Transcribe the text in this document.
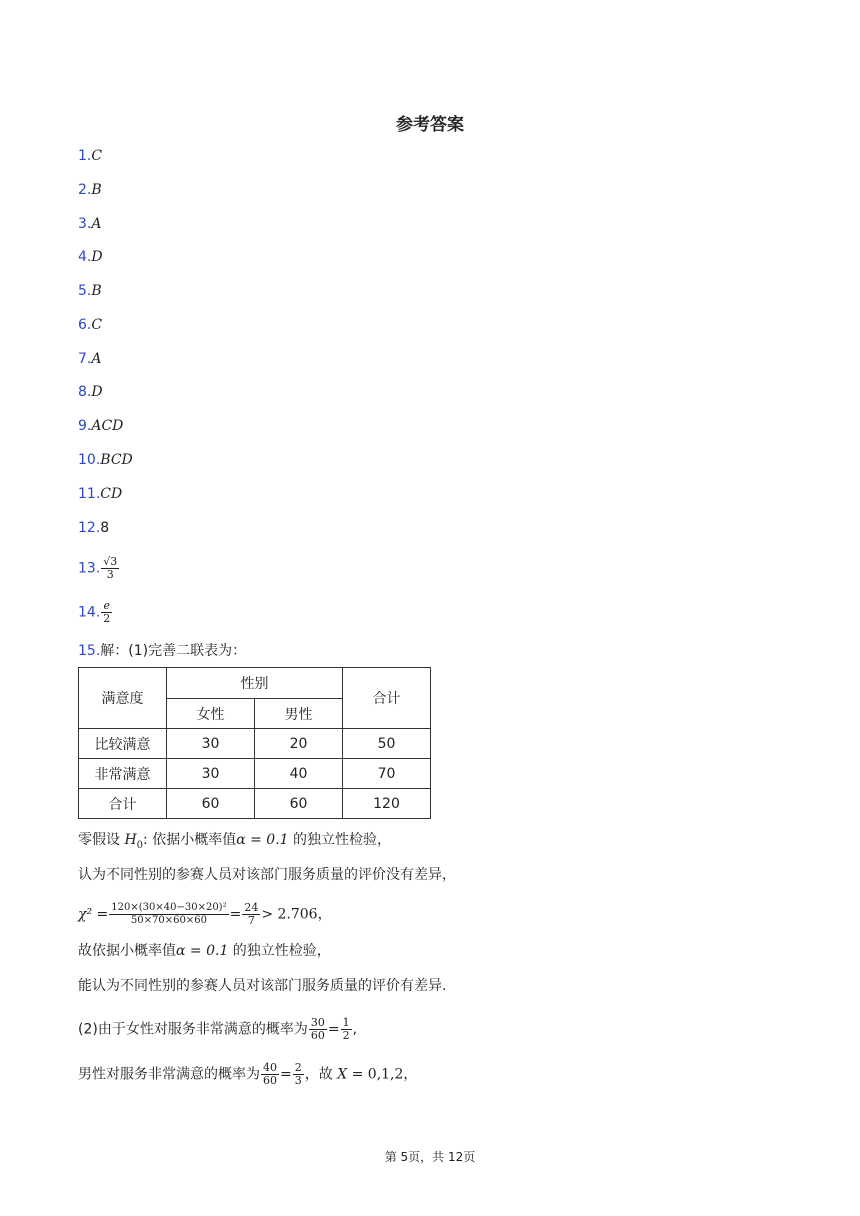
参考答案
1.C
2.B
3.A
4.D
5.B
6.C
7.A
8.D
9.ACD
10.BCD
11.CD
12.8
13. $\frac{√3}{3}$
14. $\frac{e}{2}$
15.解：(1)完善二联表为：
满意度	性别		合计
	女性	男性	
比较满意	30	20	50
非常满意	30	40	70
合计	60	60	120
零假设 $H_0$: 依据小概率值α = 0.1 的独立性检验，
认为不同性别的参赛人员对该部门服务质量的评价没有差异，
$\chi^2 = \frac{\text{120×(30×40−30×20)²}}{50\times 70\times 60\times 60} = \frac{24}{7} > 2.706$，
故依据小概率值α = 0.1 的独立性检验，
能认为不同性别的参赛人员对该部门服务质量的评价有差异.
(2)由于女性对服务非常满意的概率为 $\frac{30}{60} = \frac{1}{2}$ ,
男性对服务非常满意的概率为 $\frac{40}{60} = \frac{2}{3}$ ，故 X = 0,1,2，
第 5页，共 12页
